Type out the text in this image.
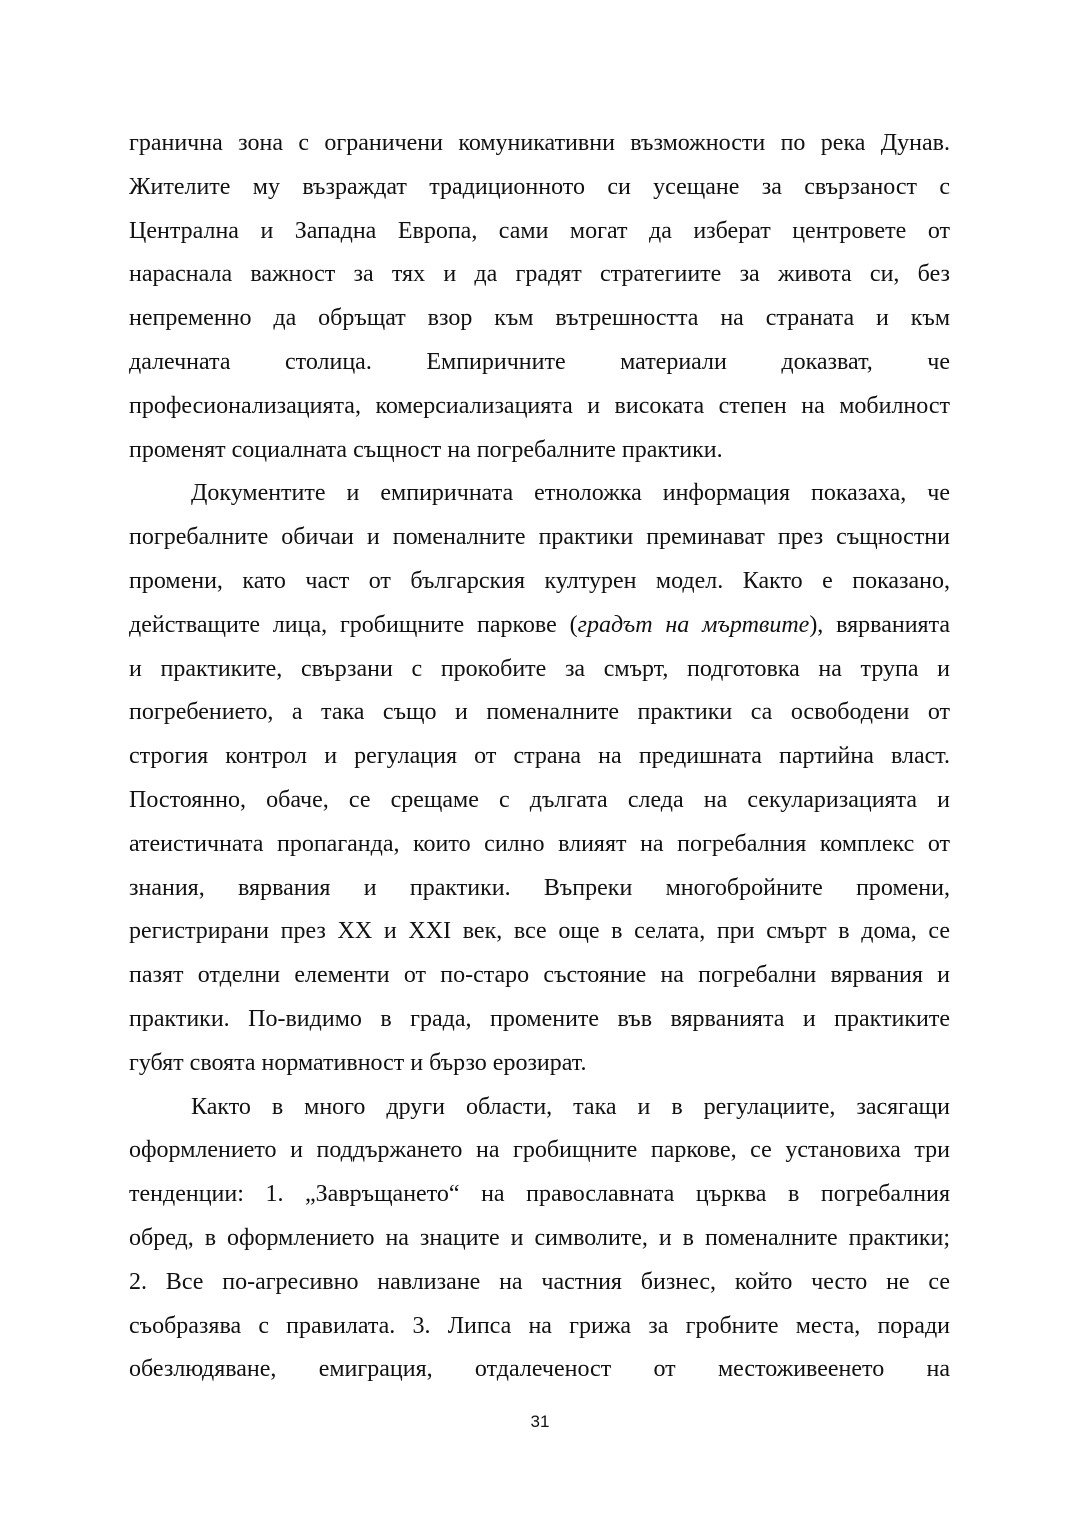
гранична зона с ограничени комуникативни възможности по река Дунав.
Жителите му възраждат традиционното си усещане за свързаност с
Централна и Западна Европа, сами могат да изберат центровете от
нараснала важност за тях и да градят стратегиите за живота си, без
непременно да обръщат взор към вътрешността на страната и към
далечната столица. Емпиричните материали доказват, че
професионализацията, комерсиализацията и високата степен на мобилност
променят социалната същност на погребалните практики.
Документите и емпиричната етноложка информация показаха, че
погребалните обичаи и поменалните практики преминават през същностни
промени, като част от българския културен модел. Както е показано,
действащите лица, гробищните паркове (градът на мъртвите), вярванията
и практиките, свързани с прокобите за смърт, подготовка на трупа и
погребението, а така също и поменалните практики са освободени от
строгия контрол и регулация от страна на предишната партийна власт.
Постоянно, обаче, се срещаме с дългата следа на секуларизацията и
атеистичната пропаганда, които силно влияят на погребалния комплекс от
знания, вярвания и практики. Въпреки многобройните промени,
регистрирани през XX и XXI век, все още в селата, при смърт в дома, се
пазят отделни елементи от по-старо състояние на погребални вярвания и
практики. По-видимо в града, промените във вярванията и практиките
губят своята нормативност и бързо ерозират.
Както в много други области, така и в регулациите, засягащи
оформлението и поддържането на гробищните паркове, се установиха три
тенденции: 1. „Завръщането“ на православната църква в погребалния
обред, в оформлението на знаците и символите, и в поменалните практики;
2. Все по-агресивно навлизане на частния бизнес, който често не се
съобразява с правилата. 3. Липса на грижа за гробните места, поради
обезлюдяване, емиграция, отдалеченост от местоживеенето на
31
